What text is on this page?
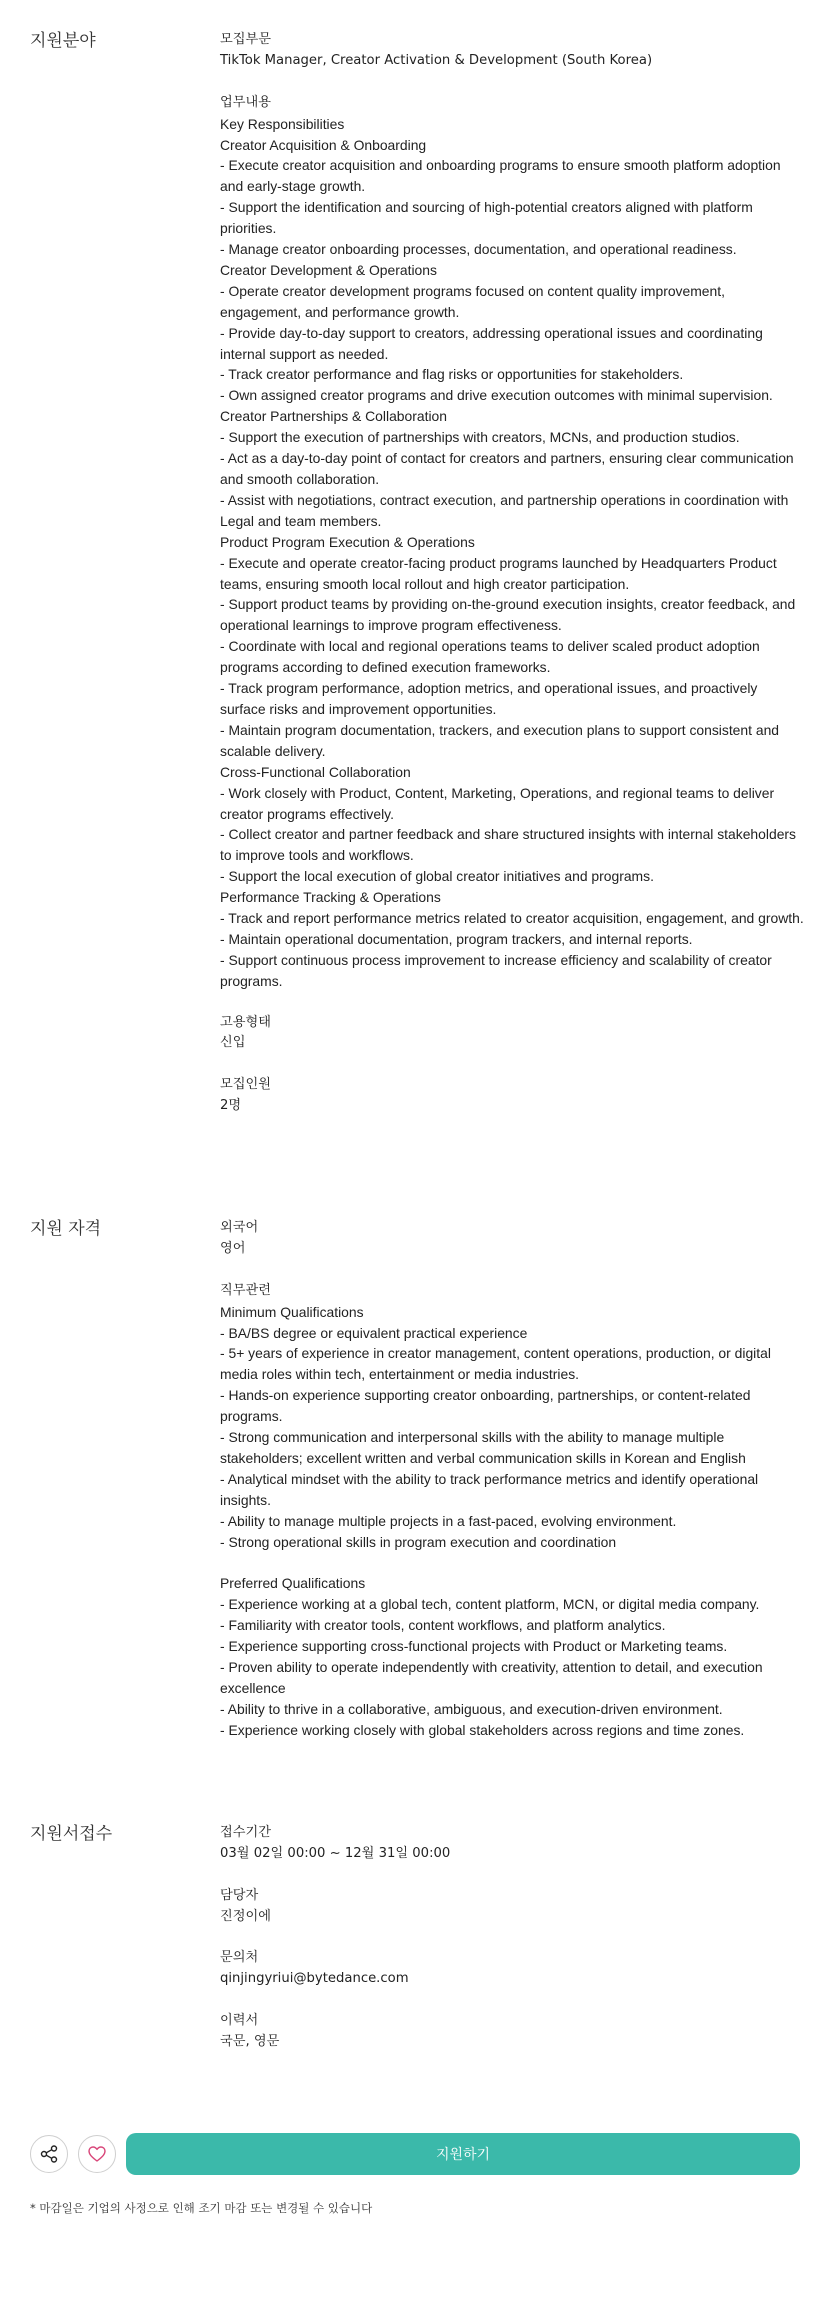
지원분야	모집부문
TikTok Manager, Creator Activation & Development (South Korea)
업무내용
Key Responsibilities
Creator Acquisition & Onboarding
- Execute creator acquisition and onboarding programs to ensure smooth platform adoption and early-stage growth.
- Support the identification and sourcing of high-potential creators aligned with platform priorities.
- Manage creator onboarding processes, documentation, and operational readiness.
Creator Development & Operations
- Operate creator development programs focused on content quality improvement, engagement, and performance growth.
- Provide day-to-day support to creators, addressing operational issues and coordinating internal support as needed.
- Track creator performance and flag risks or opportunities for stakeholders.
- Own assigned creator programs and drive execution outcomes with minimal supervision.
Creator Partnerships & Collaboration
- Support the execution of partnerships with creators, MCNs, and production studios.
- Act as a day-to-day point of contact for creators and partners, ensuring clear communication and smooth collaboration.
- Assist with negotiations, contract execution, and partnership operations in coordination with Legal and team members.
Product Program Execution & Operations
- Execute and operate creator-facing product programs launched by Headquarters Product teams, ensuring smooth local rollout and high creator participation.
- Support product teams by providing on-the-ground execution insights, creator feedback, and operational learnings to improve program effectiveness.
- Coordinate with local and regional operations teams to deliver scaled product adoption programs according to defined execution frameworks.
- Track program performance, adoption metrics, and operational issues, and proactively surface risks and improvement opportunities.
- Maintain program documentation, trackers, and execution plans to support consistent and scalable delivery.
Cross-Functional Collaboration
- Work closely with Product, Content, Marketing, Operations, and regional teams to deliver creator programs effectively.
- Collect creator and partner feedback and share structured insights with internal stakeholders to improve tools and workflows.
- Support the local execution of global creator initiatives and programs.
Performance Tracking & Operations
- Track and report performance metrics related to creator acquisition, engagement, and growth.
- Maintain operational documentation, program trackers, and internal reports.
- Support continuous process improvement to increase efficiency and scalability of creator programs.
고용형태
신입
모집인원
2명
지원 자격	외국어
영어
직무관련
Minimum Qualifications
- BA/BS degree or equivalent practical experience
- 5+ years of experience in creator management, content operations, production, or digital media roles within tech, entertainment or media industries.
- Hands-on experience supporting creator onboarding, partnerships, or content-related programs.
- Strong communication and interpersonal skills with the ability to manage multiple stakeholders; excellent written and verbal communication skills in Korean and English
- Analytical mindset with the ability to track performance metrics and identify operational insights.
- Ability to manage multiple projects in a fast-paced, evolving environment.
- Strong operational skills in program execution and coordination
Preferred Qualifications
- Experience working at a global tech, content platform, MCN, or digital media company.
- Familiarity with creator tools, content workflows, and platform analytics.
- Experience supporting cross-functional projects with Product or Marketing teams.
- Proven ability to operate independently with creativity, attention to detail, and execution excellence
- Ability to thrive in a collaborative, ambiguous, and execution-driven environment.
- Experience working closely with global stakeholders across regions and time zones.
지원서접수	접수기간
03월 02일 00:00 ~ 12월 31일 00:00
담당자
진정이에
문의처
qinjingyriui@bytedance.com
이력서
국문, 영문
지원하기
* 마감일은 기업의 사정으로 인해 조기 마감 또는 변경될 수 있습니다
